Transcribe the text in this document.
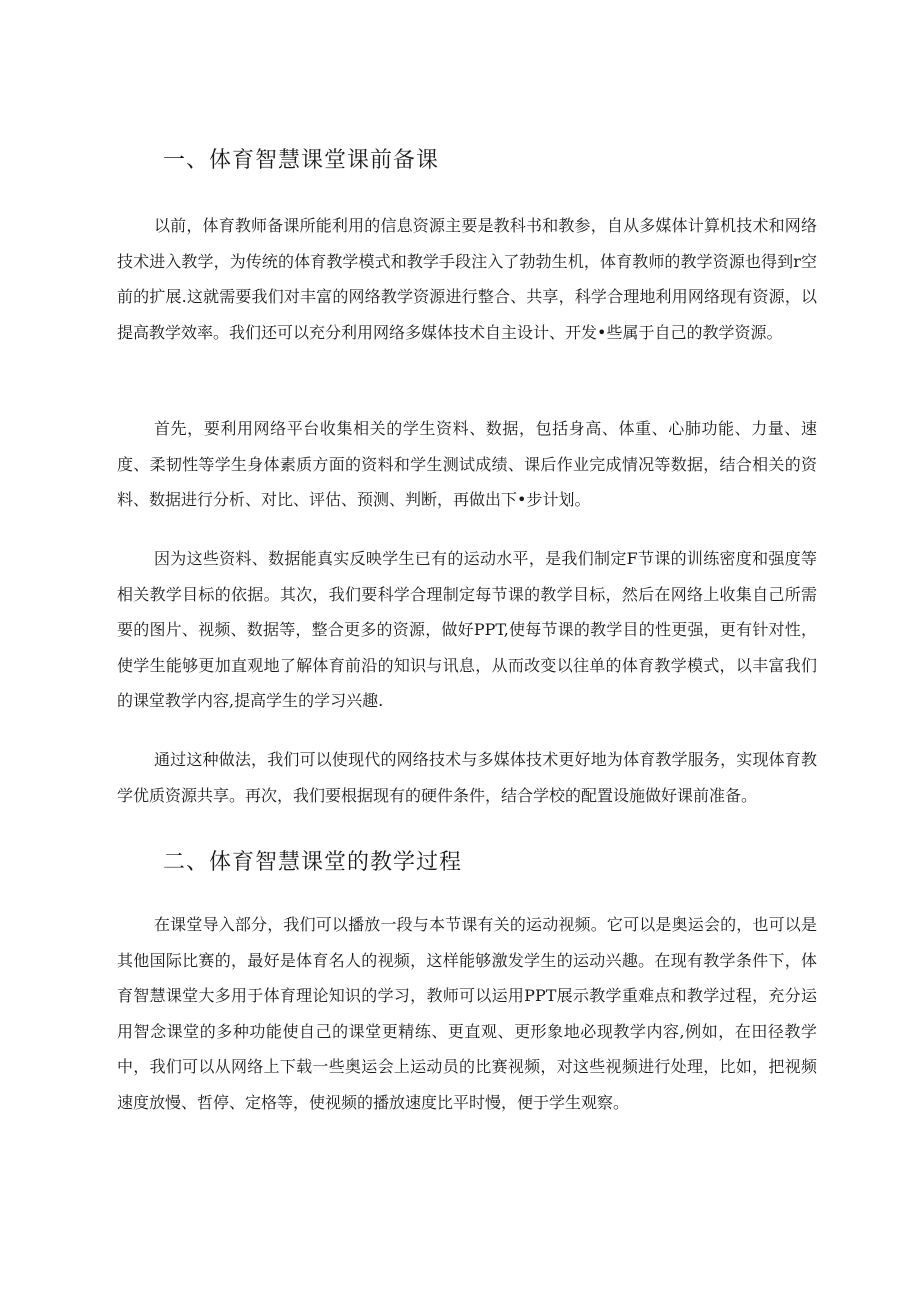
一、体育智慧课堂课前备课

以前，体育教师备课所能利用的信息资源主要是教科书和教参，自从多媒体计算机技术和网络技术进入教学，为传统的体育教学模式和教学手段注入了勃勃生机，体育教师的教学资源也得到r空前的扩展.这就需要我们对丰富的网络教学资源进行整合、共享，科学合理地利用网络现有资源，以提高教学效率。我们还可以充分利用网络多媒体技术自主设计、开发•些属于自己的教学资源。

首先，要利用网络平台收集相关的学生资料、数据，包括身高、体重、心肺功能、力量、速度、柔韧性等学生身体素质方面的资料和学生测试成绩、课后作业完成情况等数据，结合相关的资料、数据进行分析、对比、评估、预测、判断，再做出下•步计划。

因为这些资料、数据能真实反映学生已有的运动水平，是我们制定F节课的训练密度和强度等相关教学目标的依据。其次，我们要科学合理制定每节课的教学目标，然后在网络上收集自己所需要的图片、视频、数据等，整合更多的资源，做好PPT,使每节课的教学目的性更强，更有针对性，使学生能够更加直观地了解体育前沿的知识与讯息，从而改变以往单的体育教学模式，以丰富我们的课堂教学内容,提高学生的学习兴趣.

通过这种做法，我们可以使现代的网络技术与多媒体技术更好地为体育教学服务，实现体育教学优质资源共享。再次，我们要根据现有的硬件条件，结合学校的配置设施做好课前准备。

二、体育智慧课堂的教学过程

在课堂导入部分，我们可以播放一段与本节课有关的运动视频。它可以是奥运会的，也可以是其他国际比赛的，最好是体育名人的视频，这样能够激发学生的运动兴趣。在现有教学条件下，体育智慧课堂大多用于体育理论知识的学习，教师可以运用PPT展示教学重难点和教学过程，充分运用智念课堂的多种功能使自己的课堂更精练、更直观、更形象地必现教学内容,例如，在田径教学中，我们可以从网络上下载一些奥运会上运动员的比赛视频，对这些视频进行处理，比如，把视频速度放慢、哲停、定格等，使视频的播放速度比平时慢，便于学生观察。
